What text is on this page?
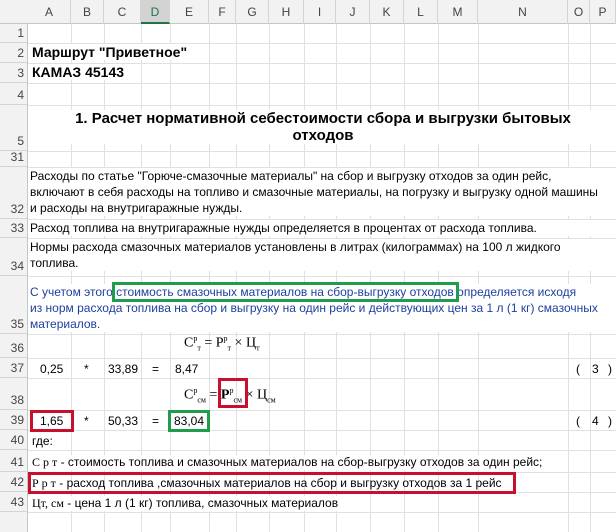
A	B	C	D	E	F	G	H	I	J	K	L	M	N	O	P
1
2
3
4
5
31
32
33
34
35
36
37
38
39
40
41
42
43
Маршрут "Приветное"
КАМАЗ 45143
1. Расчет нормативной себестоимости сбора и выгрузки бытовых
отходов
Расходы по статье "Горюче-смазочные материалы" на сбор и выгрузку отходов за один рейс, включают в себя расходы на топливо и смазочные материалы, на погрузку и выгрузку одной машины и расходы на внутригаражные нужды.
Расход топлива на внутригаражные нужды определяется в процентах от расхода топлива.
Нормы расхода смазочных материалов установлены в литрах (килограммах) на 100 л жидкого топлива.
С учетом этого стоимость смазочных материалов на сбор-выгрузку отходов определяется исходя
из норм расхода топлива на сбор и выгрузку на один рейс и действующих цен за 1 л (1 кг) смазочных
материалов.
$С^р_т = Р^р_т \times Ц_т$
0,25 * 33,89 = 8,47	( 3 )
$С^р_{см} = Р^р_{см} \times Ц_{см}$
1,65 * 50,33 = 83,04	( 4 )
где:
С р т - стоимость топлива и смазочных материалов на сбор-выгрузку отходов за один рейс;
Р р т - расход топлива ,смазочных материалов на сбор и выгрузку отходов за 1 рейс
Цт, см - цена 1 л (1 кг) топлива, смазочных материалов
